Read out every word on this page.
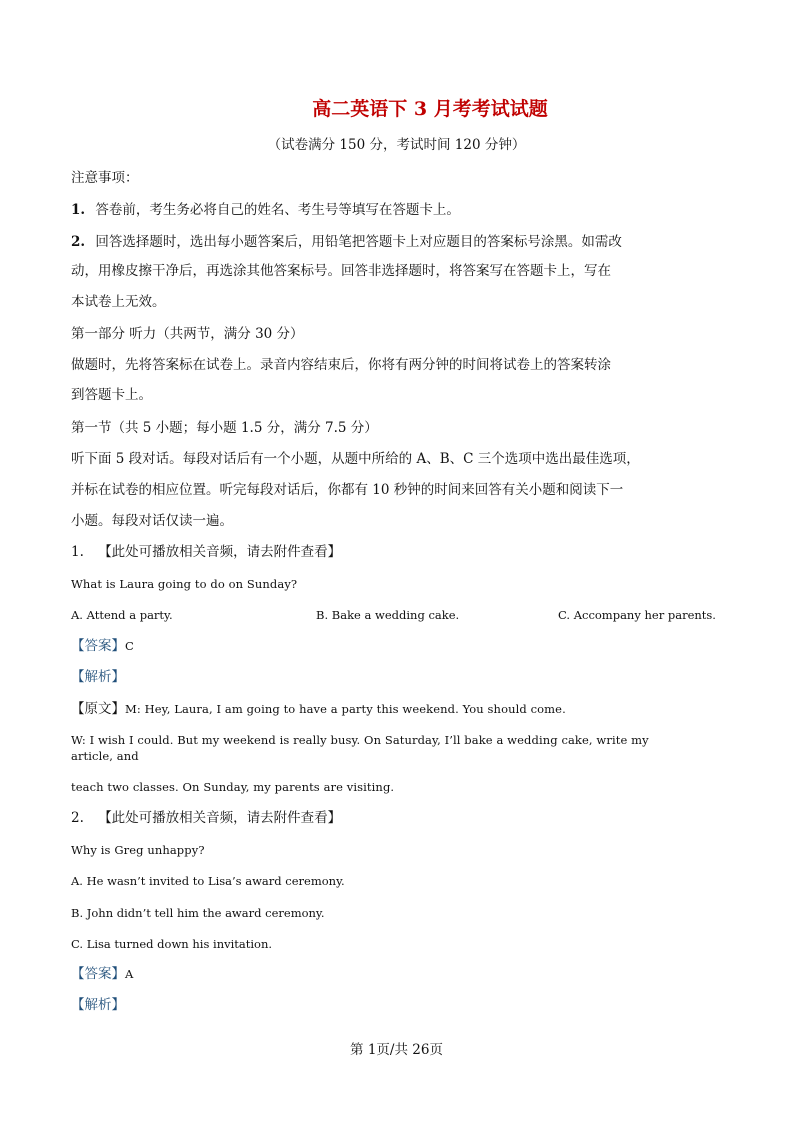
高二英语下 3 月考考试试题
（试卷满分 150 分，考试时间 120 分钟）
注意事项：
1. 答卷前，考生务必将自己的姓名、考生号等填写在答题卡上。
2. 回答选择题时，选出每小题答案后，用铅笔把答题卡上对应题目的答案标号涂黑。如需改
动，用橡皮擦干净后，再选涂其他答案标号。回答非选择题时，将答案写在答题卡上，写在
本试卷上无效。
第一部分 听力（共两节，满分 30 分）
做题时，先将答案标在试卷上。录音内容结束后，你将有两分钟的时间将试卷上的答案转涂
到答题卡上。
第一节（共 5 小题；每小题 1.5 分，满分 7.5 分）
听下面 5 段对话。每段对话后有一个小题，从题中所给的 A、B、C 三个选项中选出最佳选项，
并标在试卷的相应位置。听完每段对话后，你都有 10 秒钟的时间来回答有关小题和阅读下一
小题。每段对话仅读一遍。
1. 【此处可播放相关音频，请去附件查看】
What is Laura going to do on Sunday?
A. Attend a party.	B. Bake a wedding cake.	C. Accompany her parents.
【答案】C
【解析】
【原文】M: Hey, Laura, I am going to have a party this weekend. You should come.
W: I wish I could. But my weekend is really busy. On Saturday, I’ll bake a wedding cake, write my
article, and
teach two classes. On Sunday, my parents are visiting.
2. 【此处可播放相关音频，请去附件查看】
Why is Greg unhappy?
A. He wasn’t invited to Lisa’s award ceremony.
B. John didn’t tell him the award ceremony.
C. Lisa turned down his invitation.
【答案】A
【解析】
第 1页/共 26页
